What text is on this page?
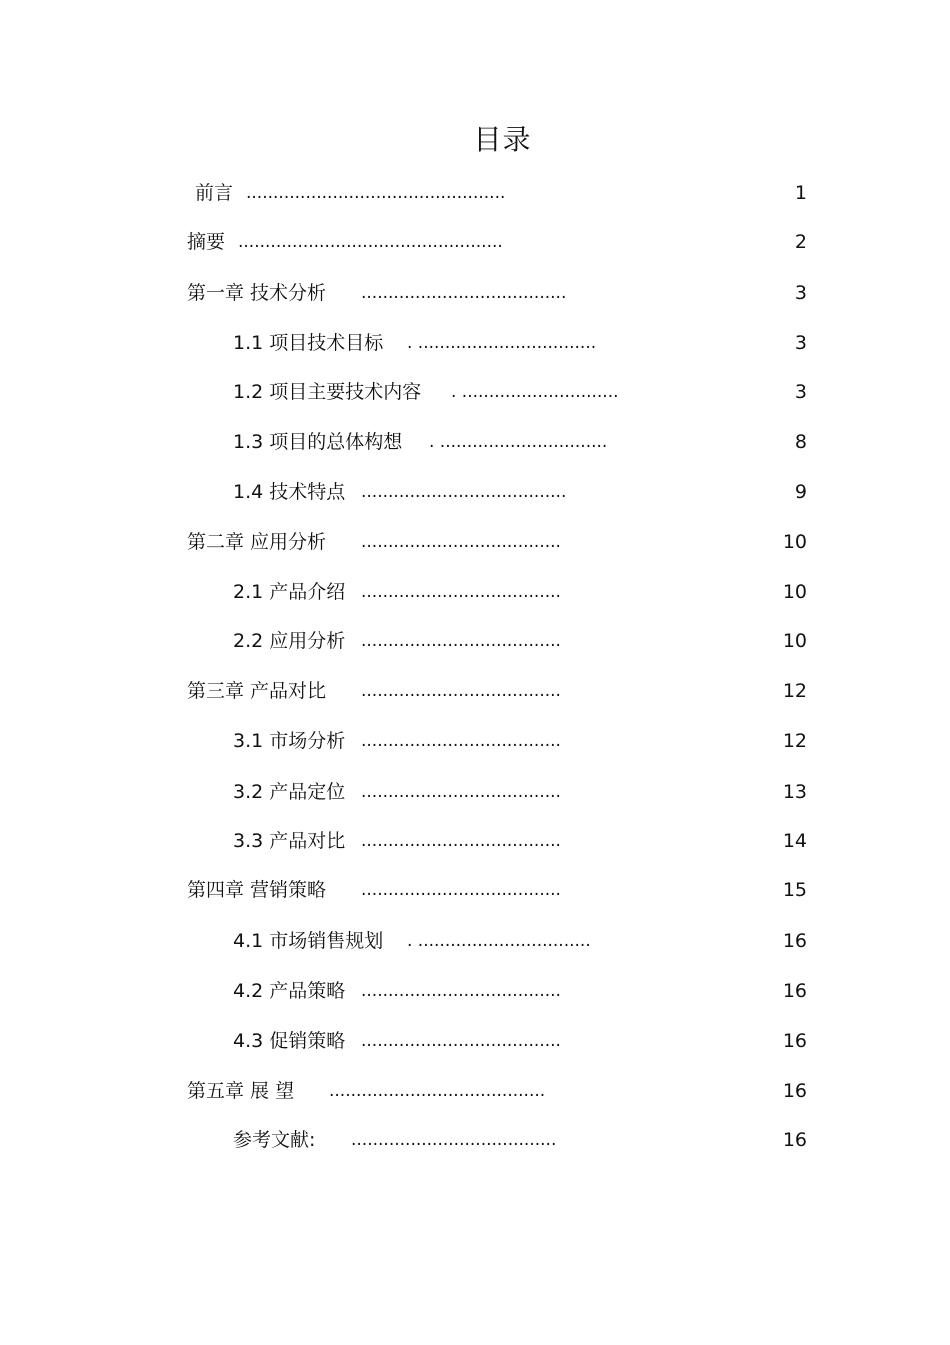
目录
前言 ................................................	1
摘要 .................................................	2
第一章 技术分析 ......................................	3
1.1 项目技术目标 . .................................	3
1.2 项目主要技术内容 . .............................	3
1.3 项目的总体构想 . ...............................	8
1.4 技术特点 ......................................	9
第二章 应用分析 .....................................	10
2.1 产品介绍 .....................................	10
2.2 应用分析 .....................................	10
第三章 产品对比 .....................................	12
3.1 市场分析 .....................................	12
3.2 产品定位 .....................................	13
3.3 产品对比 .....................................	14
第四章 营销策略 .....................................	15
4.1 市场销售规划 . ................................	16
4.2 产品策略 .....................................	16
4.3 促销策略 .....................................	16
第五章 展 望 ........................................	16
参考文献: ......................................	16
